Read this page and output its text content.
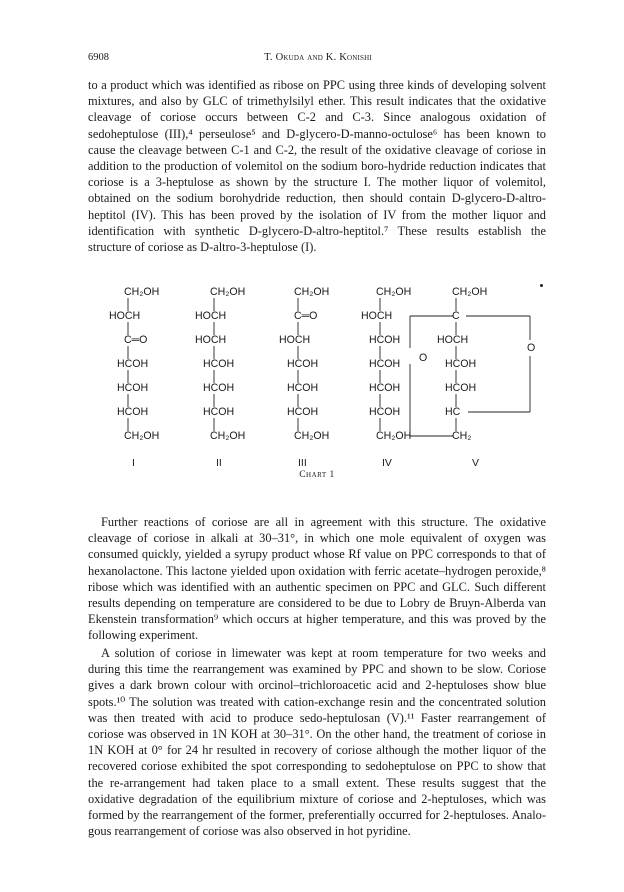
6908	T. Okuda and K. Konishi

to a product which was identified as ribose on PPC using three kinds of developing solvent mixtures, and also by GLC of trimethylsilyl ether. This result indicates that the oxidative cleavage of coriose occurs between C-2 and C-3. Since analogous oxidation of sedoheptulose (III),⁴ perseulose⁵ and D-glycero-D-manno-octulose⁶ has been known to cause the cleavage between C-1 and C-2, the result of the oxidative cleavage of coriose in addition to the production of volemitol on the sodium boro-hydride reduction indicates that coriose is a 3-heptulose as shown by the structure I. The mother liquor of volemitol, obtained on the sodium borohydride reduction, then should contain D-glycero-D-altro-heptitol (IV). This has been proved by the isolation of IV from the mother liquor and identification with synthetic D-glycero-D-altro-heptitol.⁷ These results establish the structure of coriose as D-altro-3-heptulose (I).

CH₂OH
HOCH
C═O
HCOH
HCOH
HCOH
CH₂OH
CH₂OH
HOCH
HOCH
HCOH
HCOH
HCOH
CH₂OH
CH₂OH
C═O
HOCH
HCOH
HCOH
HCOH
CH₂OH
CH₂OH
HOCH
HCOH
HCOH
HCOH
HCOH
CH₂OH
CH₂OH
C
HOCH
HCOH
HCOH
HC
CH₂
I	II	III	IV	V
O
O
Chart 1

Further reactions of coriose are all in agreement with this structure. The oxidative cleavage of coriose in alkali at 30–31°, in which one mole equivalent of oxygen was consumed quickly, yielded a syrupy product whose Rf value on PPC corresponds to that of hexanolactone. This lactone yielded upon oxidation with ferric acetate–hydrogen peroxide,⁸ ribose which was identified with an authentic specimen on PPC and GLC. Such different results depending on temperature are considered to be due to Lobry de Bruyn-Alberda van Ekenstein transformation⁹ which occurs at higher temperature, and this was proved by the following experiment.

A solution of coriose in limewater was kept at room temperature for two weeks and during this time the rearrangement was examined by PPC and shown to be slow. Coriose gives a dark brown colour with orcinol–trichloroacetic acid and 2-heptuloses show blue spots.¹⁰ The solution was treated with cation-exchange resin and the concentrated solution was then treated with acid to produce sedo-heptulosan (V).¹¹ Faster rearrangement of coriose was observed in 1N KOH at 30–31°. On the other hand, the treatment of coriose in 1N KOH at 0° for 24 hr resulted in recovery of coriose although the mother liquor of the recovered coriose exhibited the spot corresponding to sedoheptulose on PPC to show that the re-arrangement had taken place to a small extent. These results suggest that the oxidative degradation of the equilibrium mixture of coriose and 2-heptuloses, which was formed by the rearrangement of the former, preferentially occurred for 2-heptuloses. Analo-gous rearrangement of coriose was also observed in hot pyridine.
